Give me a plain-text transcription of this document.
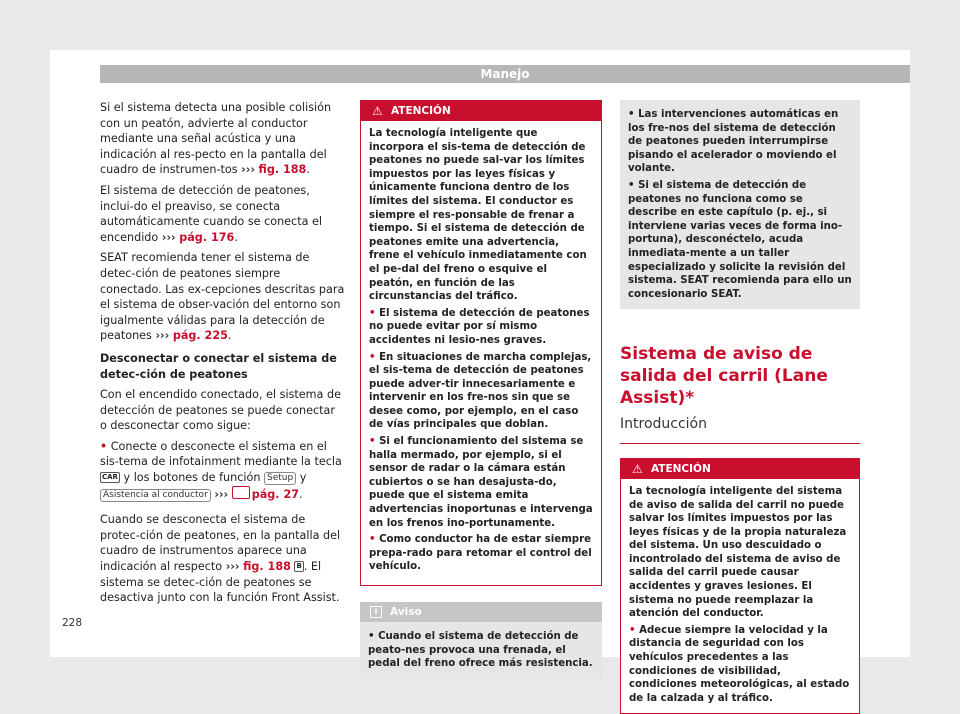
Manejo

Si el sistema detecta una posible colisión con un peatón, advierte al conductor mediante una señal acústica y una indicación al res-pecto en la pantalla del cuadro de instrumen-tos ››› fig. 188.

El sistema de detección de peatones, inclui-do el preaviso, se conecta automáticamente cuando se conecta el encendido ››› pág. 176.

SEAT recomienda tener el sistema de detec-ción de peatones siempre conectado. Las ex-cepciones descritas para el sistema de obser-vación del entorno son igualmente válidas para la detección de peatones ››› pág. 225.

Desconectar o conectar el sistema de detec-ción de peatones

Con el encendido conectado, el sistema de detección de peatones se puede conectar o desconectar como sigue:

• Conecte o desconecte el sistema en el sis-tema de infotainment mediante la tecla CAR y los botones de función Setup y Asistencia al conductor ››› pág. 27.

Cuando se desconecta el sistema de protec-ción de peatones, en la pantalla del cuadro de instrumentos aparece una indicación al respecto ››› fig. 188 B . El sistema se detec-ción de peatones se desactiva junto con la función Front Assist.

⚠ ATENCIÓN

La tecnología inteligente que incorpora el sis-tema de detección de peatones no puede sal-var los límites impuestos por las leyes físicas y únicamente funciona dentro de los límites del sistema. El conductor es siempre el res-ponsable de frenar a tiempo. Si el sistema de detección de peatones emite una advertencia, frene el vehículo inmediatamente con el pe-dal del freno o esquive el peatón, en función de las circunstancias del tráfico.

• El sistema de detección de peatones no puede evitar por sí mismo accidentes ni lesio-nes graves.

• En situaciones de marcha complejas, el sis-tema de detección de peatones puede adver-tir innecesariamente e intervenir en los fre-nos sin que se desee como, por ejemplo, en el caso de vías principales que doblan.

• Si el funcionamiento del sistema se halla mermado, por ejemplo, si el sensor de radar o la cámara están cubiertos o se han desajusta-do, puede que el sistema emita advertencias inoportunas e intervenga en los frenos ino-portunamente.

• Como conductor ha de estar siempre prepa-rado para retomar el control del vehículo.

i	Aviso

• Cuando el sistema de detección de peato-nes provoca una frenada, el pedal del freno ofrece más resistencia.

• Las intervenciones automáticas en los fre-nos del sistema de detección de peatones pueden interrumpirse pisando el acelerador o moviendo el volante.

• Si el sistema de detección de peatones no funciona como se describe en este capítulo (p. ej., si interviene varias veces de forma ino-portuna), desconéctelo, acuda inmediata-mente a un taller especializado y solicite la revisión del sistema. SEAT recomienda para ello un concesionario SEAT.

Sistema de aviso de salida del carril (Lane Assist)*

Introducción

⚠ ATENCIÓN

La tecnología inteligente del sistema de aviso de salida del carril no puede salvar los límites impuestos por las leyes físicas y de la propia naturaleza del sistema. Un uso descuidado o incontrolado del sistema de aviso de salida del carril puede causar accidentes y graves lesiones. El sistema no puede reemplazar la atención del conductor.

• Adecue siempre la velocidad y la distancia de seguridad con los vehículos precedentes a las condiciones de visibilidad, condiciones meteorológicas, al estado de la calzada y al tráfico.

228
